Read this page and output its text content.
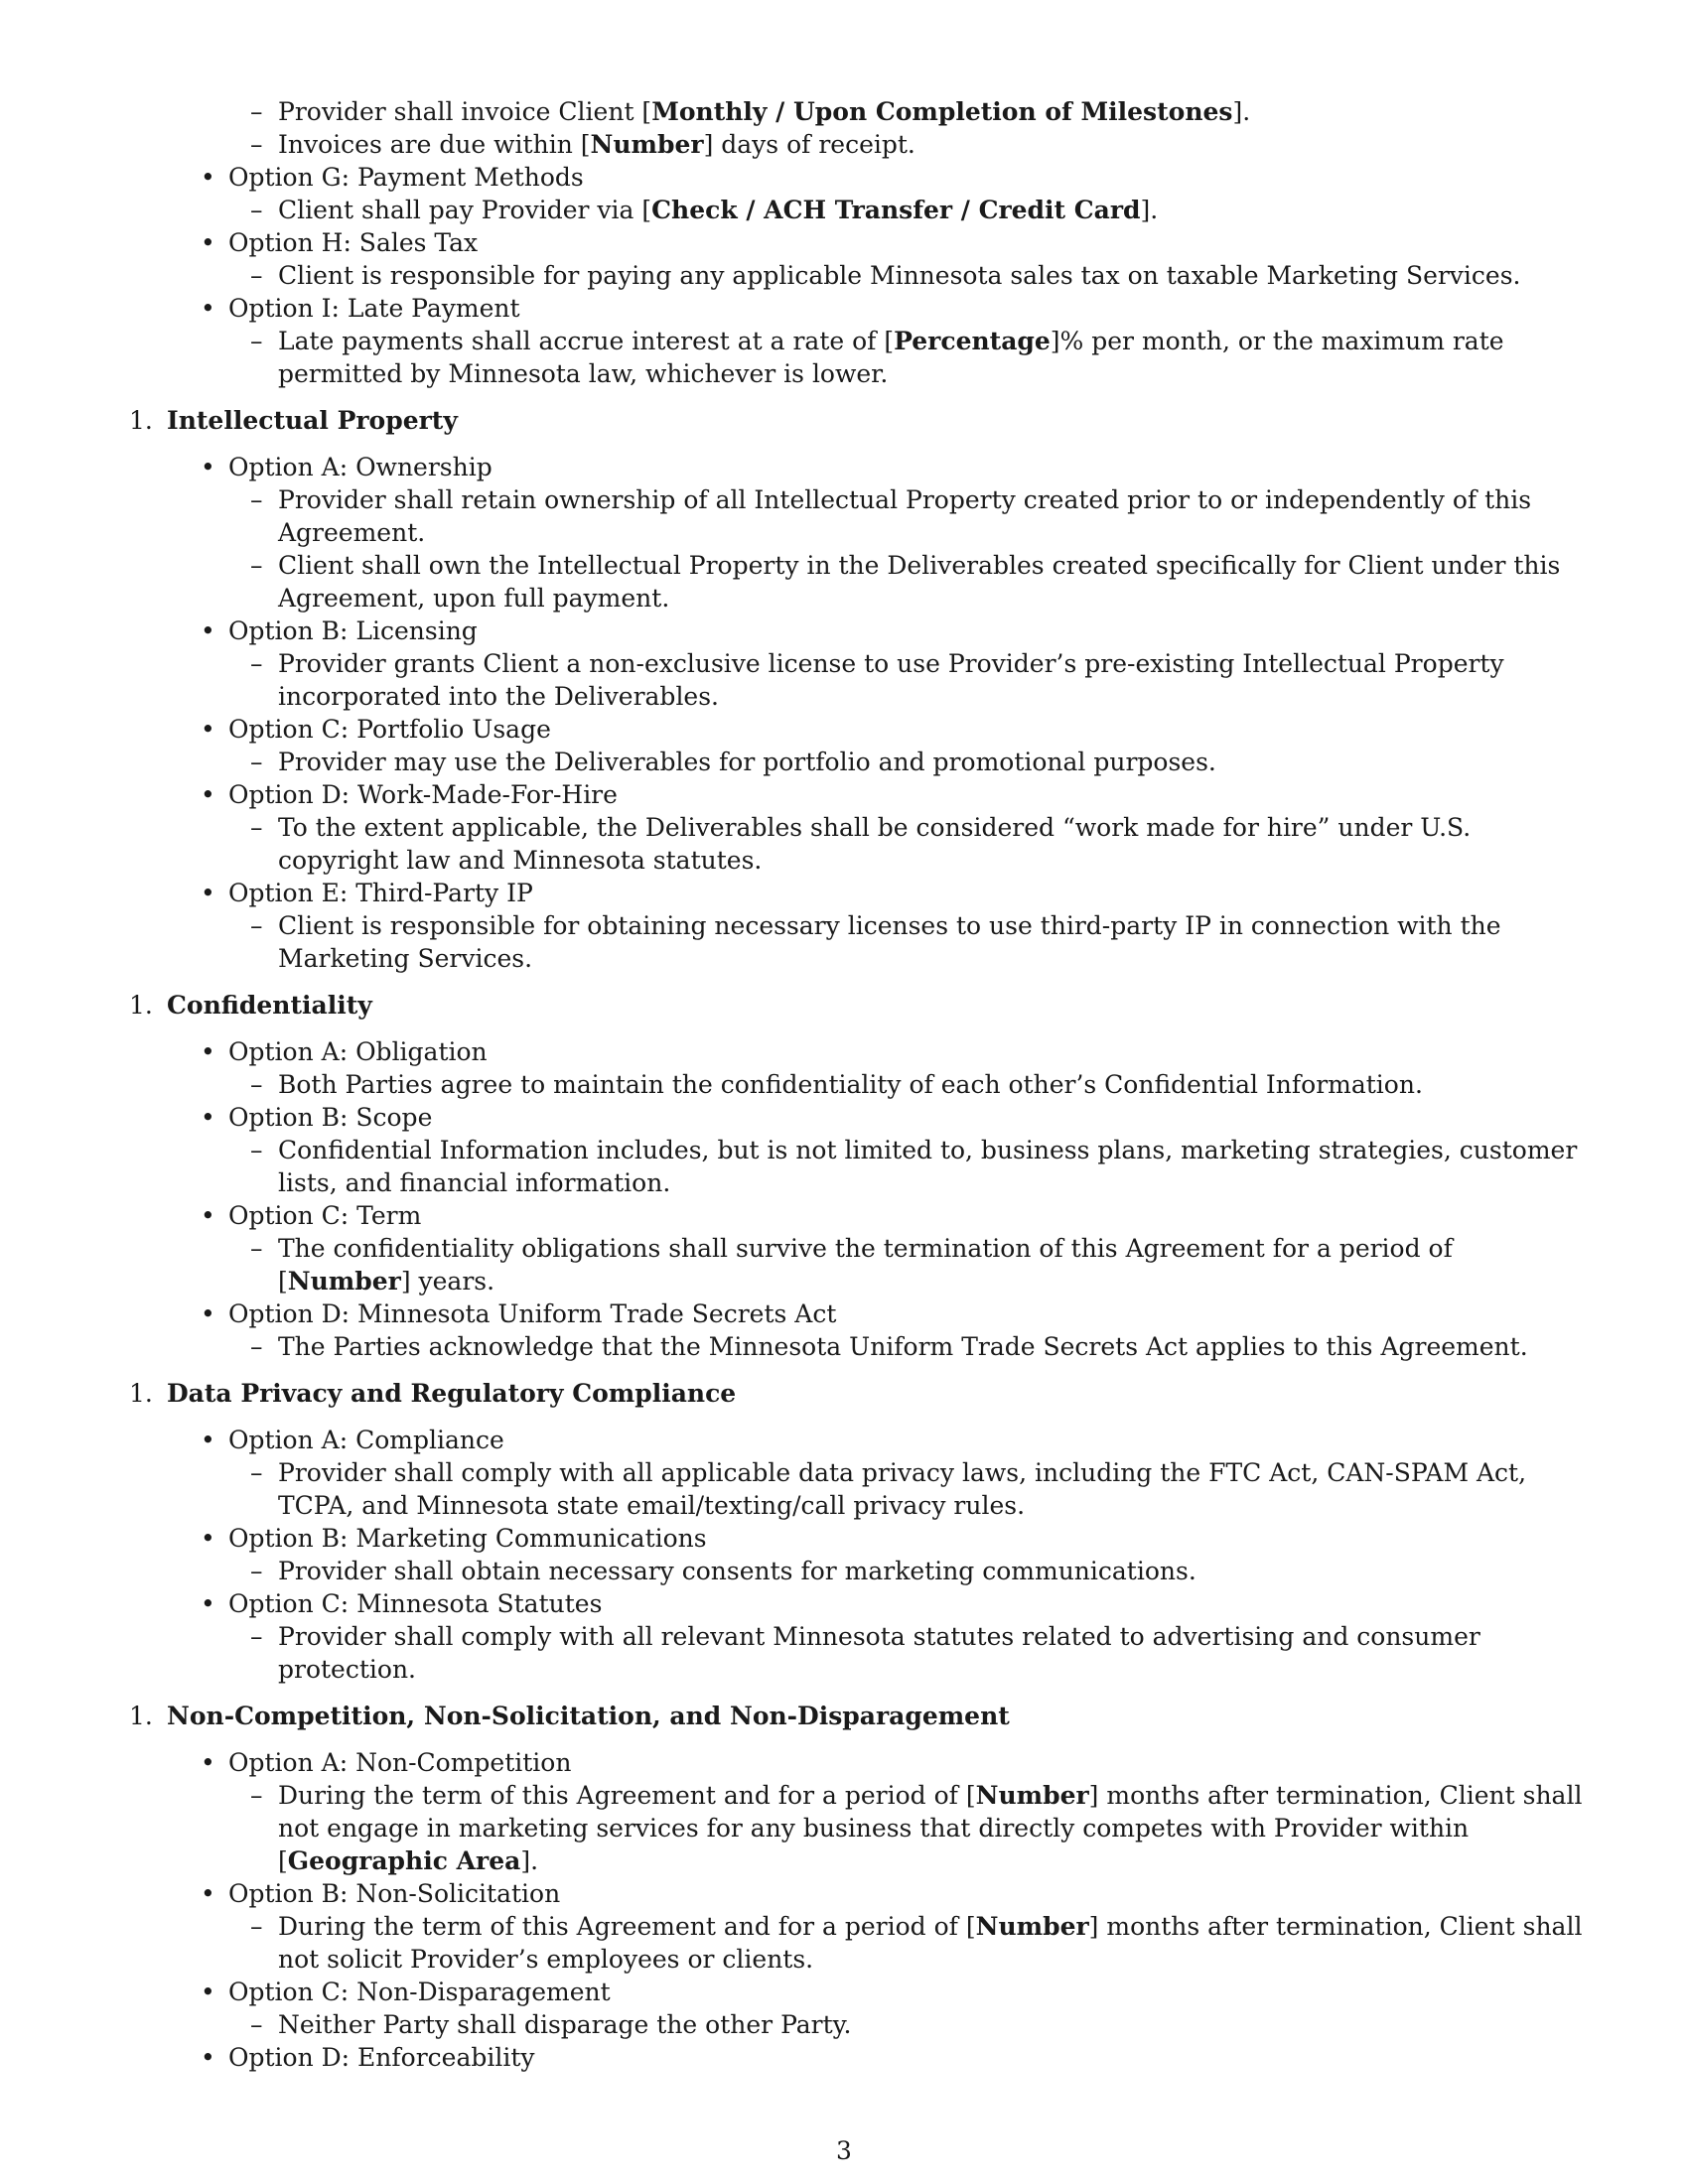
– Provider shall invoice Client [Monthly / Upon Completion of Milestones].
– Invoices are due within [Number] days of receipt.
• Option G: Payment Methods
– Client shall pay Provider via [Check / ACH Transfer / Credit Card].
• Option H: Sales Tax
– Client is responsible for paying any applicable Minnesota sales tax on taxable Marketing Services.
• Option I: Late Payment
– Late payments shall accrue interest at a rate of [Percentage]% per month, or the maximum rate permitted by Minnesota law, whichever is lower.
1. Intellectual Property
• Option A: Ownership
– Provider shall retain ownership of all Intellectual Property created prior to or independently of this Agreement.
– Client shall own the Intellectual Property in the Deliverables created specifically for Client under this Agreement, upon full payment.
• Option B: Licensing
– Provider grants Client a non-exclusive license to use Provider’s pre-existing Intellectual Property incorporated into the Deliverables.
• Option C: Portfolio Usage
– Provider may use the Deliverables for portfolio and promotional purposes.
• Option D: Work-Made-For-Hire
– To the extent applicable, the Deliverables shall be considered “work made for hire” under U.S. copyright law and Minnesota statutes.
• Option E: Third-Party IP
– Client is responsible for obtaining necessary licenses to use third-party IP in connection with the Marketing Services.
1. Confidentiality
• Option A: Obligation
– Both Parties agree to maintain the confidentiality of each other’s Confidential Information.
• Option B: Scope
– Confidential Information includes, but is not limited to, business plans, marketing strategies, customer lists, and financial information.
• Option C: Term
– The confidentiality obligations shall survive the termination of this Agreement for a period of [Number] years.
• Option D: Minnesota Uniform Trade Secrets Act
– The Parties acknowledge that the Minnesota Uniform Trade Secrets Act applies to this Agreement.
1. Data Privacy and Regulatory Compliance
• Option A: Compliance
– Provider shall comply with all applicable data privacy laws, including the FTC Act, CAN-SPAM Act, TCPA, and Minnesota state email/texting/call privacy rules.
• Option B: Marketing Communications
– Provider shall obtain necessary consents for marketing communications.
• Option C: Minnesota Statutes
– Provider shall comply with all relevant Minnesota statutes related to advertising and consumer protection.
1. Non-Competition, Non-Solicitation, and Non-Disparagement
• Option A: Non-Competition
– During the term of this Agreement and for a period of [Number] months after termination, Client shall not engage in marketing services for any business that directly competes with Provider within [Geographic Area].
• Option B: Non-Solicitation
– During the term of this Agreement and for a period of [Number] months after termination, Client shall not solicit Provider’s employees or clients.
• Option C: Non-Disparagement
– Neither Party shall disparage the other Party.
• Option D: Enforceability
3
